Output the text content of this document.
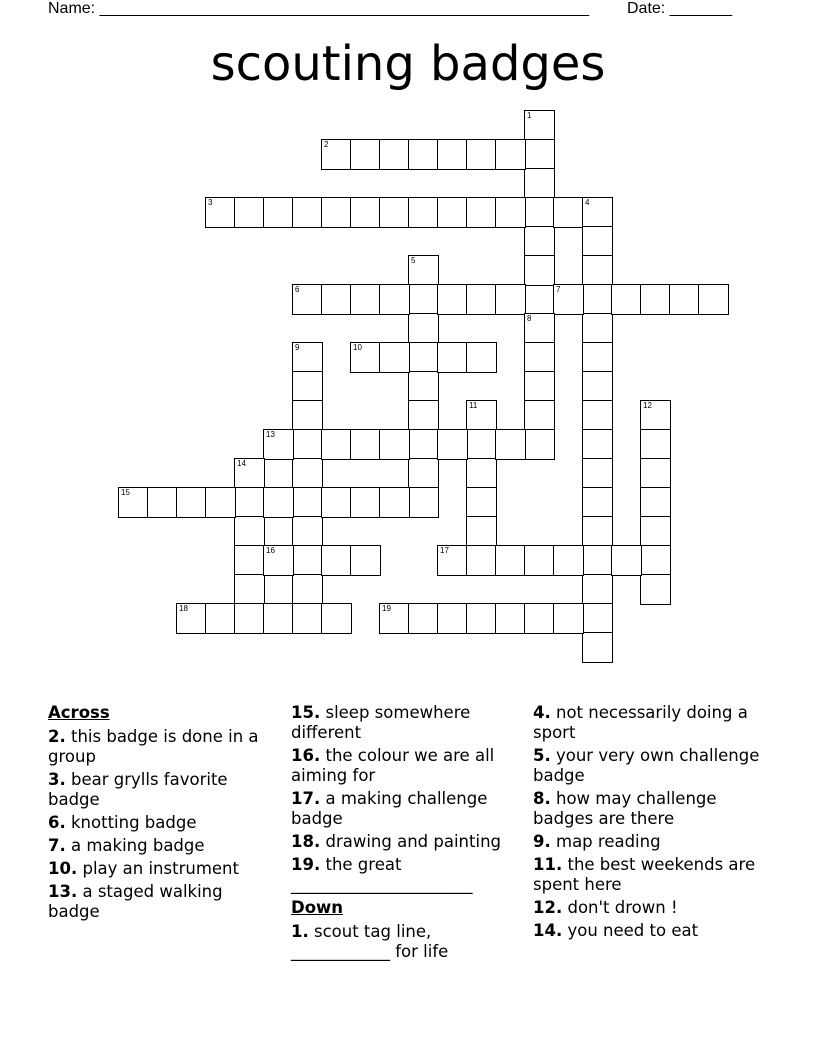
Name: _______________________________________________________ Date: _______
scouting badges
1
2
3	4
5
6	7
8
9	10
11	12
13
14
15
16	17
18	19
Across
2. this badge is done in a group
3. bear grylls favorite badge
6. knotting badge
7. a making badge
10. play an instrument
13. a staged walking badge
15. sleep somewhere different
16. the colour we are all aiming for
17. a making challenge badge
18. drawing and painting
19. the great ______________________
Down
1. scout tag line, ____________ for life
4. not necessarily doing a sport
5. your very own challenge badge
8. how may challenge badges are there
9. map reading
11. the best weekends are spent here
12. don't drown !
14. you need to eat
